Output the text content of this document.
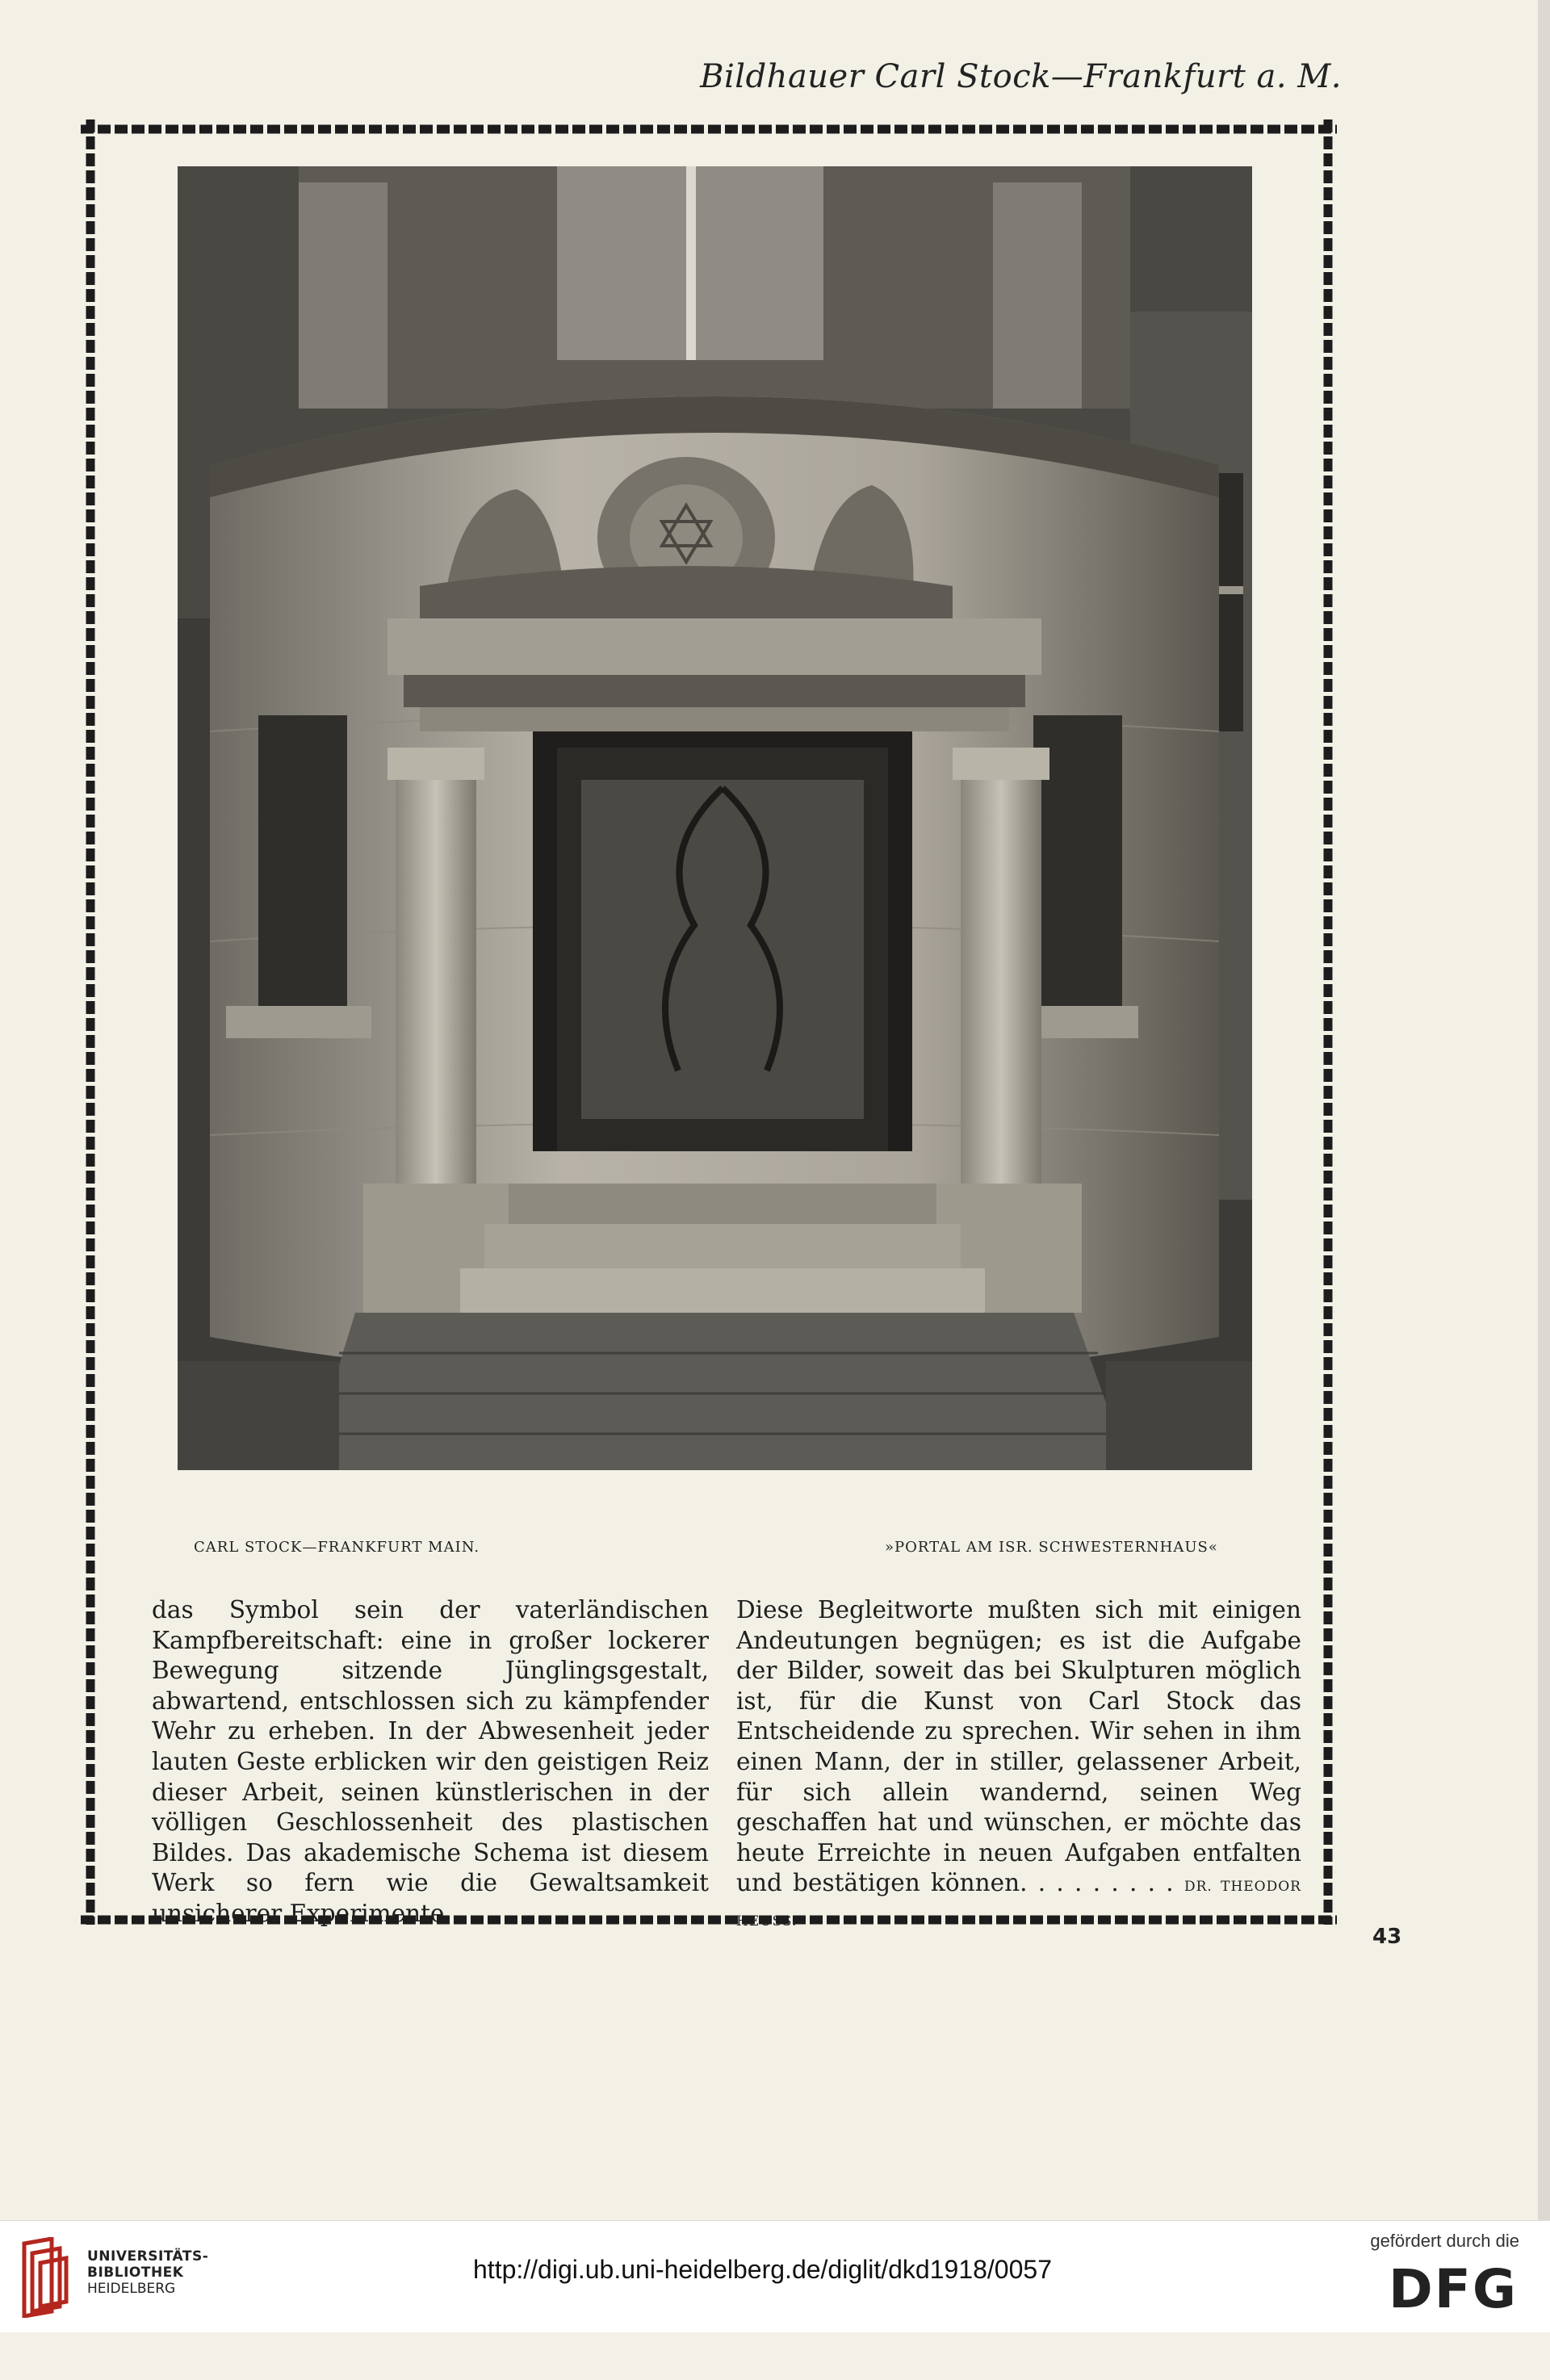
Bildhauer Carl Stock—Frankfurt a. M.
CARL STOCK—FRANKFURT MAIN.	»PORTAL AM ISR. SCHWESTERNHAUS«
das Symbol sein der vaterländischen Kampfbereitschaft: eine in großer lockerer Bewegung sitzende Jünglingsgestalt, abwartend, entschlossen sich zu kämpfender Wehr zu erheben. In der Abwesenheit jeder lauten Geste erblicken wir den geistigen Reiz dieser Arbeit, seinen künstlerischen in der völligen Geschlossenheit des plastischen Bildes. Das akademische Schema ist diesem Werk so fern wie die Gewaltsamkeit unsicherer Experimente.
Diese Begleitworte mußten sich mit einigen Andeutungen begnügen; es ist die Aufgabe der Bilder, soweit das bei Skulpturen möglich ist, für die Kunst von Carl Stock das Entscheidende zu sprechen. Wir sehen in ihm einen Mann, der in stiller, gelassener Arbeit, für sich allein wandernd, seinen Weg geschaffen hat und wünschen, er möchte das heute Erreichte in neuen Aufgaben entfalten und bestätigen können. . . . . . . . . DR. THEODOR HEUSS.
43
UNIVERSITÄTS-
BIBLIOTHEK
HEIDELBERG
http://digi.ub.uni-heidelberg.de/diglit/dkd1918/0057
gefördert durch die
DFG
